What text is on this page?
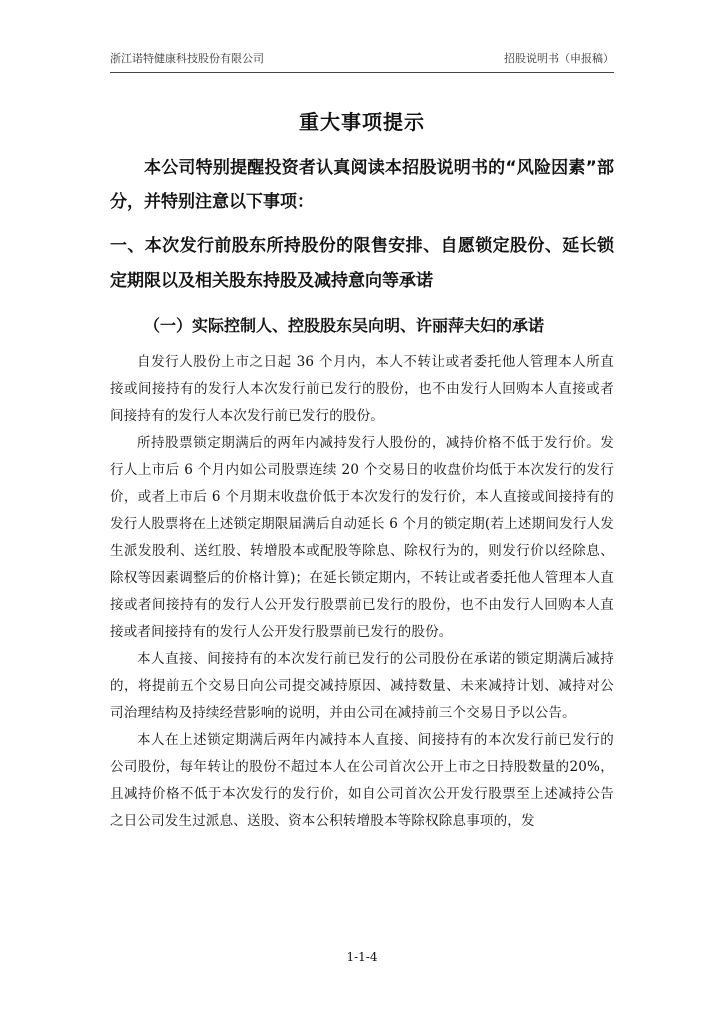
浙江诺特健康科技股份有限公司	招股说明书（申报稿）
重大事项提示

本公司特别提醒投资者认真阅读本招股说明书的“风险因素”部分，并特别注意以下事项：

一、本次发行前股东所持股份的限售安排、自愿锁定股份、延长锁定期限以及相关股东持股及减持意向等承诺

（一）实际控制人、控股股东吴向明、许丽萍夫妇的承诺

自发行人股份上市之日起 36 个月内，本人不转让或者委托他人管理本人所直接或间接持有的发行人本次发行前已发行的股份，也不由发行人回购本人直接或者间接持有的发行人本次发行前已发行的股份。

所持股票锁定期满后的两年内减持发行人股份的，减持价格不低于发行价。发行人上市后 6 个月内如公司股票连续 20 个交易日的收盘价均低于本次发行的发行价，或者上市后 6 个月期末收盘价低于本次发行的发行价，本人直接或间接持有的发行人股票将在上述锁定期限届满后自动延长 6 个月的锁定期(若上述期间发行人发生派发股利、送红股、转增股本或配股等除息、除权行为的，则发行价以经除息、除权等因素调整后的价格计算)；在延长锁定期内，不转让或者委托他人管理本人直接或者间接持有的发行人公开发行股票前已发行的股份，也不由发行人回购本人直接或者间接持有的发行人公开发行股票前已发行的股份。

本人直接、间接持有的本次发行前已发行的公司股份在承诺的锁定期满后减持的，将提前五个交易日向公司提交减持原因、减持数量、未来减持计划、减持对公司治理结构及持续经营影响的说明，并由公司在减持前三个交易日予以公告。

本人在上述锁定期满后两年内减持本人直接、间接持有的本次发行前已发行的公司股份，每年转让的股份不超过本人在公司首次公开上市之日持股数量的20%，且减持价格不低于本次发行的发行价，如自公司首次公开发行股票至上述减持公告之日公司发生过派息、送股、资本公积转增股本等除权除息事项的，发

1-1-4
